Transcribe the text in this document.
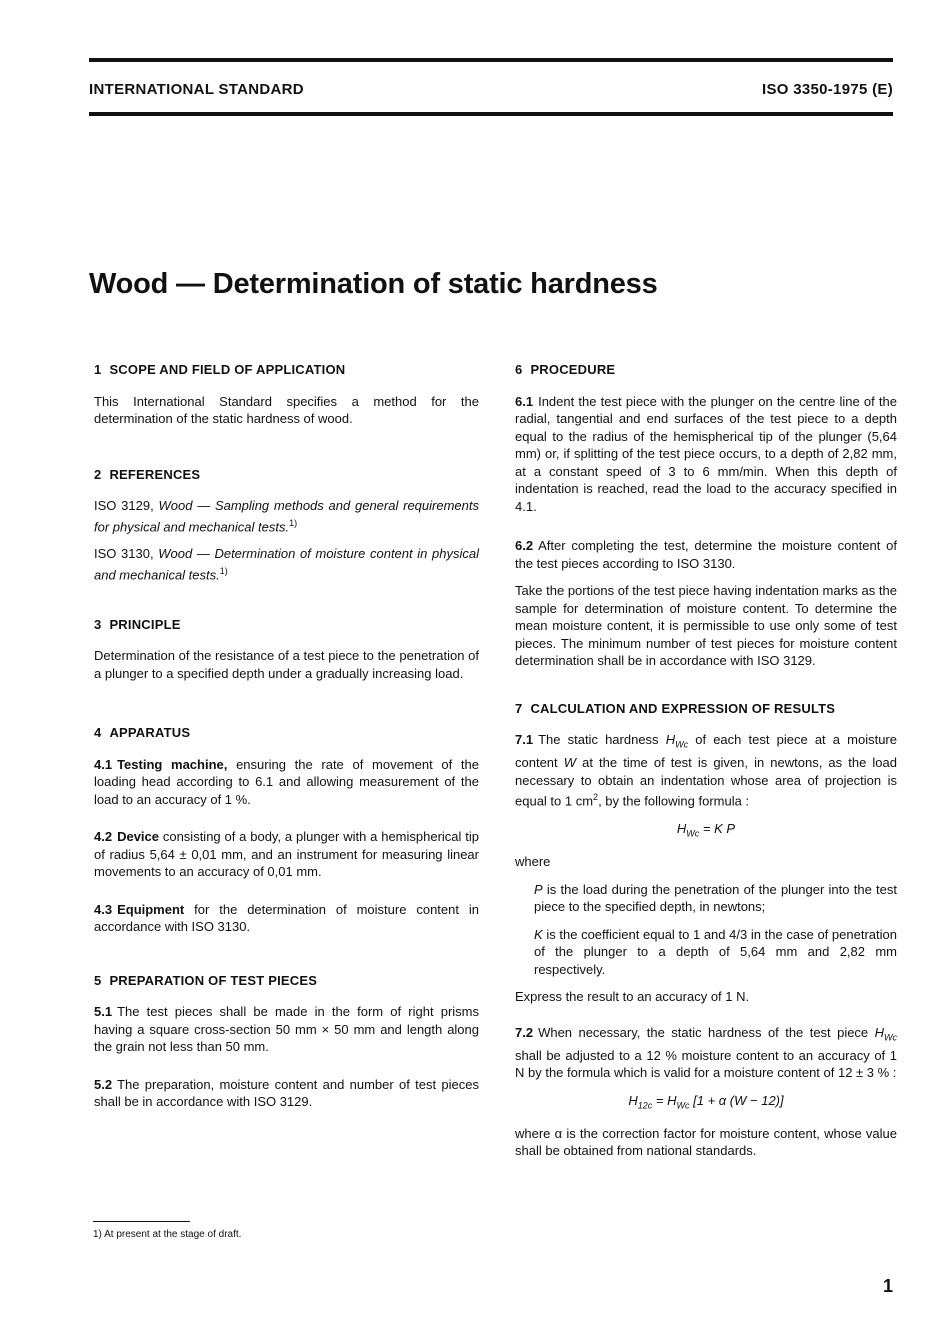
INTERNATIONAL STANDARD	ISO 3350-1975 (E)
Wood — Determination of static hardness
1 SCOPE AND FIELD OF APPLICATION

This International Standard specifies a method for the determination of the static hardness of wood.

2 REFERENCES

ISO 3129, Wood — Sampling methods and general requirements for physical and mechanical tests.$^{1)}$

ISO 3130, Wood — Determination of moisture content in physical and mechanical tests.$^{1)}$

3 PRINCIPLE

Determination of the resistance of a test piece to the penetration of a plunger to a specified depth under a gradually increasing load.

4 APPARATUS

4.1 Testing machine, ensuring the rate of movement of the loading head according to 6.1 and allowing measurement of the load to an accuracy of 1 %.

4.2 Device consisting of a body, a plunger with a hemispherical tip of radius 5,64 ± 0,01 mm, and an instrument for measuring linear movements to an accuracy of 0,01 mm.

4.3 Equipment for the determination of moisture content in accordance with ISO 3130.

5 PREPARATION OF TEST PIECES

5.1 The test pieces shall be made in the form of right prisms having a square cross-section 50 mm × 50 mm and length along the grain not less than 50 mm.

5.2 The preparation, moisture content and number of test pieces shall be in accordance with ISO 3129.

6 PROCEDURE

6.1 Indent the test piece with the plunger on the centre line of the radial, tangential and end surfaces of the test piece to a depth equal to the radius of the hemispherical tip of the plunger (5,64 mm) or, if splitting of the test piece occurs, to a depth of 2,82 mm, at a constant speed of 3 to 6 mm/min. When this depth of indentation is reached, read the load to the accuracy specified in 4.1.

6.2 After completing the test, determine the moisture content of the test pieces according to ISO 3130.

Take the portions of the test piece having indentation marks as the sample for determination of moisture content. To determine the mean moisture content, it is permissible to use only some of test pieces. The minimum number of test pieces for moisture content determination shall be in accordance with ISO 3129.

7 CALCULATION AND EXPRESSION OF RESULTS

7.1 The static hardness $H_{Wc}$ of each test piece at a moisture content W at the time of test is given, in newtons, as the load necessary to obtain an indentation whose area of projection is equal to 1 $cm^2$, by the following formula :

$H_{Wc} = K$ P

where

P is the load during the penetration of the plunger into the test piece to the specified depth, in newtons;

K is the coefficient equal to 1 and 4/3 in the case of penetration of the plunger to a depth of 5,64 mm and 2,82 mm respectively.

Express the result to an accuracy of 1 N.

7.2 When necessary, the static hardness of the test piece $H_{Wc}$ shall be adjusted to a 12 % moisture content to an accuracy of 1 N by the formula which is valid for a moisture content of 12 ± 3 % :

$H_{12c} = H_{Wc}$ [1 + α (W − 12)]

where α is the correction factor for moisture content, whose value shall be obtained from national standards.

1) At present at the stage of draft.
1
